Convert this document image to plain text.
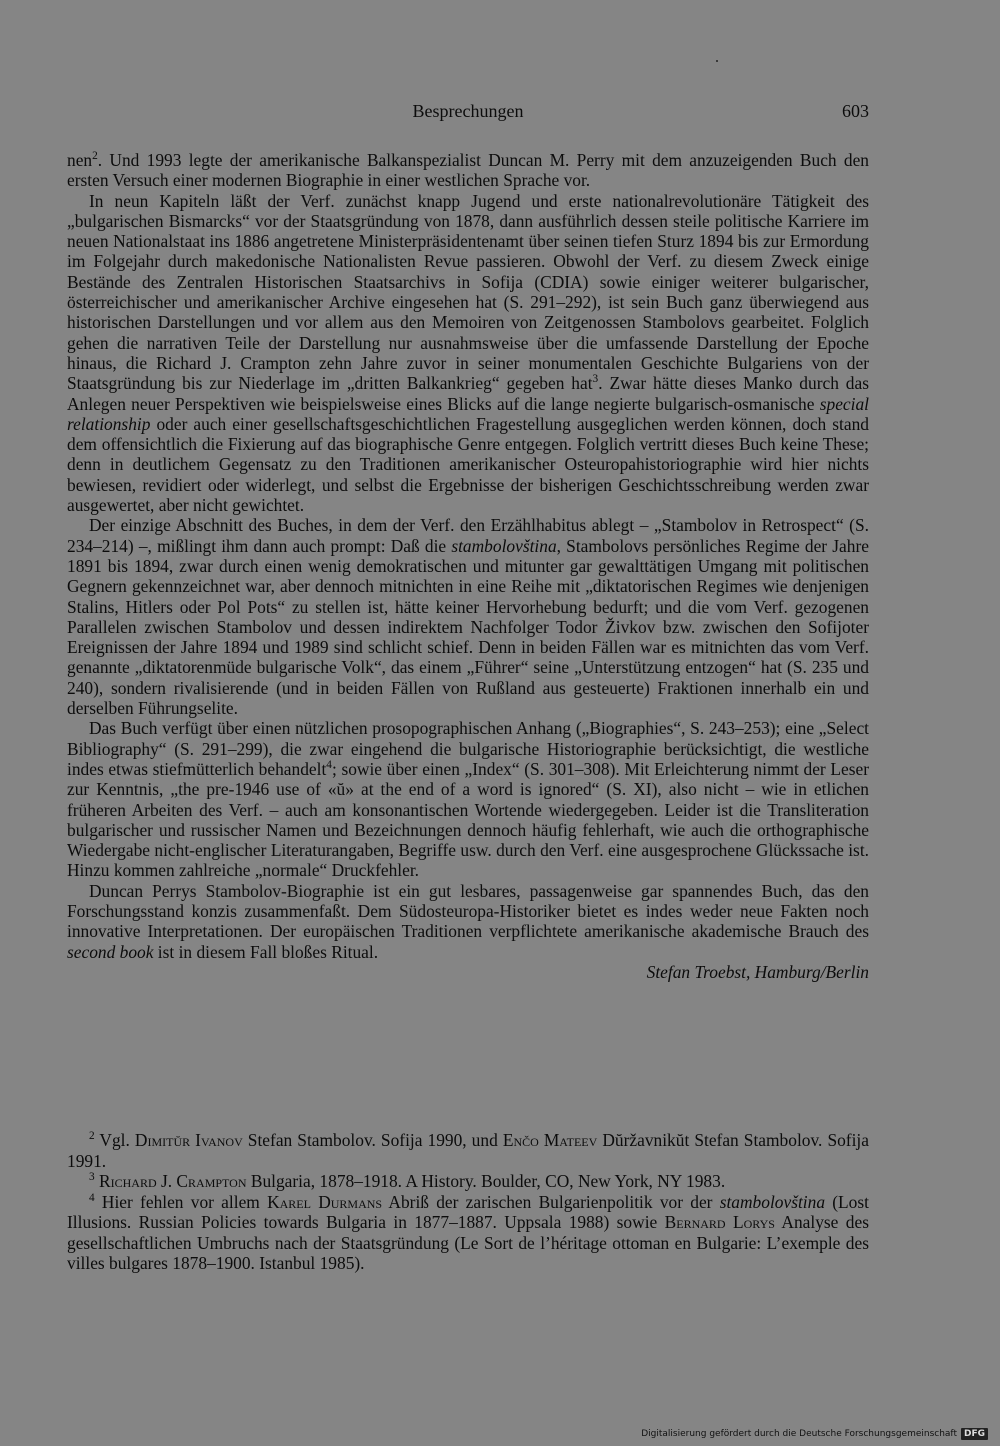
Besprechungen	603

nen$^2$. Und 1993 legte der amerikanische Balkanspezialist Duncan M. Perry mit dem anzuzeigenden Buch den ersten Versuch einer modernen Biographie in einer westlichen Sprache vor.

In neun Kapiteln läßt der Verf. zunächst knapp Jugend und erste nationalrevolutionäre Tätigkeit des „bulgarischen Bismarcks“ vor der Staatsgründung von 1878, dann ausführlich dessen steile politische Karriere im neuen Nationalstaat ins 1886 angetretene Ministerpräsidentenamt über seinen tiefen Sturz 1894 bis zur Ermordung im Folgejahr durch makedonische Nationalisten Revue passieren. Obwohl der Verf. zu diesem Zweck einige Bestände des Zentralen Historischen Staatsarchivs in Sofija (CDIA) sowie einiger weiterer bulgarischer, österreichischer und amerikanischer Archive eingesehen hat (S. 291–292), ist sein Buch ganz überwiegend aus historischen Darstellungen und vor allem aus den Memoiren von Zeitgenossen Stambolovs gearbeitet. Folglich gehen die narrativen Teile der Darstellung nur ausnahmsweise über die umfassende Darstellung der Epoche hinaus, die Richard J. Crampton zehn Jahre zuvor in seiner monumentalen Geschichte Bulgariens von der Staatsgründung bis zur Niederlage im „dritten Balkankrieg“ gegeben hat$^3$. Zwar hätte dieses Manko durch das Anlegen neuer Perspektiven wie beispielsweise eines Blicks auf die lange negierte bulgarisch-osmanische special relationship oder auch einer gesellschaftsgeschichtlichen Fragestellung ausgeglichen werden können, doch stand dem offensichtlich die Fixierung auf das biographische Genre entgegen. Folglich vertritt dieses Buch keine These; denn in deutlichem Gegensatz zu den Traditionen amerikanischer Osteuropahistoriographie wird hier nichts bewiesen, revidiert oder widerlegt, und selbst die Ergebnisse der bisherigen Geschichtsschreibung werden zwar ausgewertet, aber nicht gewichtet.

Der einzige Abschnitt des Buches, in dem der Verf. den Erzählhabitus ablegt – „Stambolov in Retrospect“ (S. 234–214) –, mißlingt ihm dann auch prompt: Daß die stambolovština, Stambolovs persönliches Regime der Jahre 1891 bis 1894, zwar durch einen wenig demokratischen und mitunter gar gewalttätigen Umgang mit politischen Gegnern gekennzeichnet war, aber dennoch mitnichten in eine Reihe mit „diktatorischen Regimes wie denjenigen Stalins, Hitlers oder Pol Pots“ zu stellen ist, hätte keiner Hervorhebung bedurft; und die vom Verf. gezogenen Parallelen zwischen Stambolov und dessen indirektem Nachfolger Todor Živkov bzw. zwischen den Sofijoter Ereignissen der Jahre 1894 und 1989 sind schlicht schief. Denn in beiden Fällen war es mitnichten das vom Verf. genannte „diktatorenmüde bulgarische Volk“, das einem „Führer“ seine „Unterstützung entzogen“ hat (S. 235 und 240), sondern rivalisierende (und in beiden Fällen von Rußland aus gesteuerte) Fraktionen innerhalb ein und derselben Führungselite.

Das Buch verfügt über einen nützlichen prosopographischen Anhang („Biographies“, S. 243–253); eine „Select Bibliography“ (S. 291–299), die zwar eingehend die bulgarische Historiographie berücksichtigt, die westliche indes etwas stiefmütterlich behandelt$^4$; sowie über einen „Index“ (S. 301–308). Mit Erleichterung nimmt der Leser zur Kenntnis, „the pre-1946 use of «ŭ» at the end of a word is ignored“ (S. XI), also nicht – wie in etlichen früheren Arbeiten des Verf. – auch am konsonantischen Wortende wiedergegeben. Leider ist die Transliteration bulgarischer und russischer Namen und Bezeichnungen dennoch häufig fehlerhaft, wie auch die orthographische Wiedergabe nicht-englischer Literaturangaben, Begriffe usw. durch den Verf. eine ausgesprochene Glückssache ist. Hinzu kommen zahlreiche „normale“ Druckfehler.

Duncan Perrys Stambolov-Biographie ist ein gut lesbares, passagenweise gar spannendes Buch, das den Forschungsstand konzis zusammenfaßt. Dem Südosteuropa-Historiker bietet es indes weder neue Fakten noch innovative Interpretationen. Der europäischen Traditionen verpflichtete amerikanische akademische Brauch des second book ist in diesem Fall bloßes Ritual.

Stefan Troebst, Hamburg/Berlin

$^2$ Vgl. Dimitŭr Ivanov Stefan Stambolov. Sofija 1990, und Enčo Mateev Dŭržavnikŭt Stefan Stambolov. Sofija 1991.

$^3$ Richard J. Crampton Bulgaria, 1878–1918. A History. Boulder, CO, New York, NY 1983.

$^4$ Hier fehlen vor allem Karel Durmans Abriß der zarischen Bulgarienpolitik vor der stambolovština (Lost Illusions. Russian Policies towards Bulgaria in 1877–1887. Uppsala 1988) sowie Bernard Lorys Analyse des gesellschaftlichen Umbruchs nach der Staatsgründung (Le Sort de l’héritage ottoman en Bulgarie: L’exemple des villes bulgares 1878–1900. Istanbul 1985).

Digitalisierung gefördert durch die Deutsche Forschungsgemeinschaft DFG
